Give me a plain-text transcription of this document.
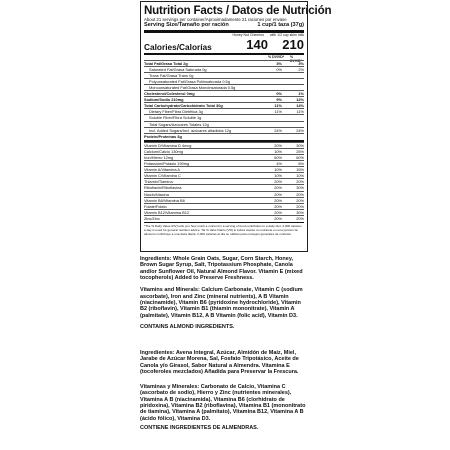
Nutrition Facts / Datos de Nutrición
About 21 servings per container/Aproximadamente 21 raciones por envase
Serving Size/Tamaño por ración	1 cup/1 taza (37g)
Honey Nut Cheerios with 1/2 cup skim milk
Calories/Calorías	140	210
% DV/VD* % DV/VD*
Total Fat/Grasa Total 2g	3%	3%
Saturated Fat/Grasa Saturada 0g	0%	2%
Trans Fat/Grasa Trans 0g
Polyunsaturated Fat/Grasa Poliinsaturada 0.5g
Monounsaturated Fat/Grasa Monoinsaturada 0.5g
Cholesterol/Colesterol 0mg	0%	1%
Sodium/Sodio 210mg	9%	12%
Total Carbohydrate/Carbohidrato Total 30g	11%	14%
Dietary Fiber/Fibra Dietética 3g	11%	11%
Soluble Fiber/Fibra Soluble 1g
Total Sugars/Azúcares Totales 12g
Incl. Added Sugars/Incl. azúcares añadidos 12g	24%	24%
Protein/Proteínas 3g
Vitamin D/Vitamina D 4mcg	20%	30%
Calcium/Calcio 130mg	10%	25%
Iron/Hierro 12mg	60%	60%
Potassium/Potasio 190mg	4%	8%
Vitamin A/Vitamina A	10%	15%
Vitamin C/Vitamina C	10%	10%
Thiamin/Tiamina	20%	20%
Riboflavin/Riboflavina	20%	30%
Niacin/Niacina	20%	20%
Vitamin B6/Vitamina B6	20%	20%
Folate/Folato	20%	20%
Vitamin B12/Vitamina B12	20%	30%
Zinc/Zinc	20%	20%
*The % Daily Value (DV) tells you how much a nutrient in a serving of food contributes to a daily diet. 2,000 calories a day is used for general nutrition advice. *El % Valor Diario (VD) le indica cuánto un nutriente en una porción de alimento contribuye a una dieta diaria. 2,000 calorías al día se utilizan para consejos generales de nutrición.

Ingredients: Whole Grain Oats, Sugar, Corn Starch, Honey, Brown Sugar Syrup, Salt, Tripotassium Phosphate, Canola and/or Sunflower Oil, Natural Almond Flavor. Vitamin E (mixed tocopherols) Added to Preserve Freshness.

Vitamins and Minerals: Calcium Carbonate, Vitamin C (sodium ascorbate), Iron and Zinc (mineral nutrients), A B Vitamin (niacinamide), Vitamin B6 (pyridoxine hydrochloride), Vitamin B2 (riboflavin), Vitamin B1 (thiamin mononitrate), Vitamin A (palmitate), Vitamin B12, A B Vitamin (folic acid), Vitamin D3.

CONTAINS ALMOND INGREDIENTS.

Ingredientes: Avena Integral, Azúcar, Almidón de Maíz, Miel, Jarabe de Azúcar Morena, Sal, Fosfato Tripotásico, Aceite de Canola y/o Girasol, Sabor Natural a Almendra. Vitamina E (tocoferoles mezclados) Añadida para Preservar la Frescura.

Vitaminas y Minerales: Carbonato de Calcio, Vitamina C (ascorbato de sodio), Hierro y Zinc (nutrientes minerales), Vitamina A B (niacinamida), Vitamina B6 (clorhidrato de piridoxina), Vitamina B2 (riboflavina), Vitamina B1 (mononitrato de tiamina), Vitamina A (palmitato), Vitamina B12, Vitamina A B (ácido fólico), Vitamina D3.

CONTIENE INGREDIENTES DE ALMENDRAS.
